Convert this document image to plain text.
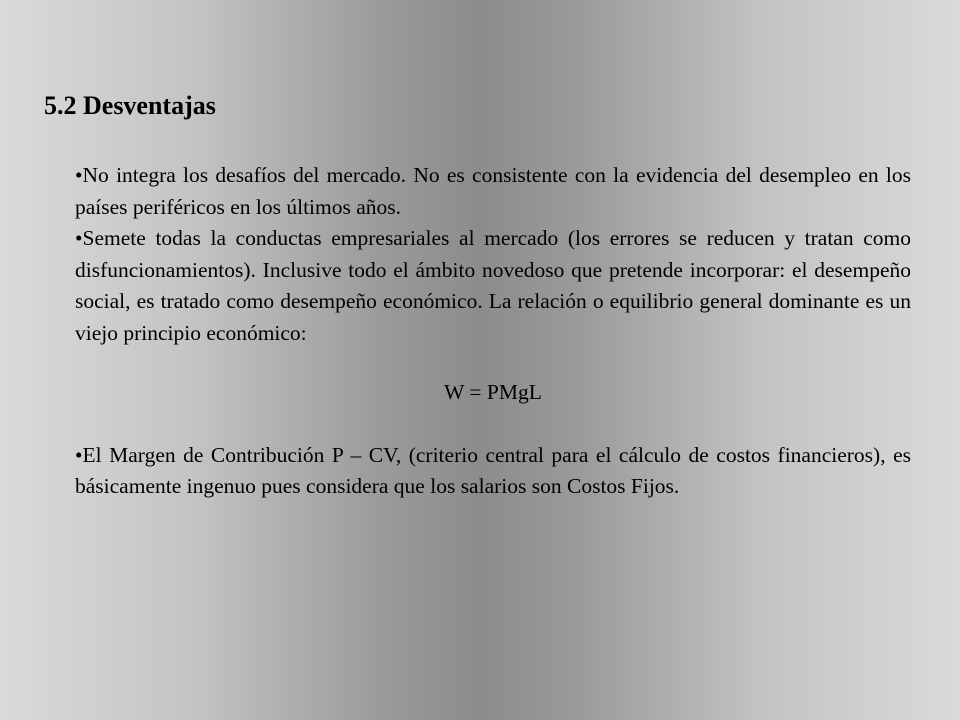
5.2 Desventajas

•No integra los desafíos del mercado. No es consistente con la evidencia del desempleo en los países periféricos en los últimos años.

•Semete todas la conductas empresariales al mercado (los errores se reducen y tratan como disfuncionamientos). Inclusive todo el ámbito novedoso que pretende incorporar: el desempeño social, es tratado como desempeño económico. La relación o equilibrio general dominante es un viejo principio económico:

W = PMgL

•El Margen de Contribución P – CV, (criterio central para el cálculo de costos financieros), es básicamente ingenuo pues considera que los salarios son Costos Fijos.
